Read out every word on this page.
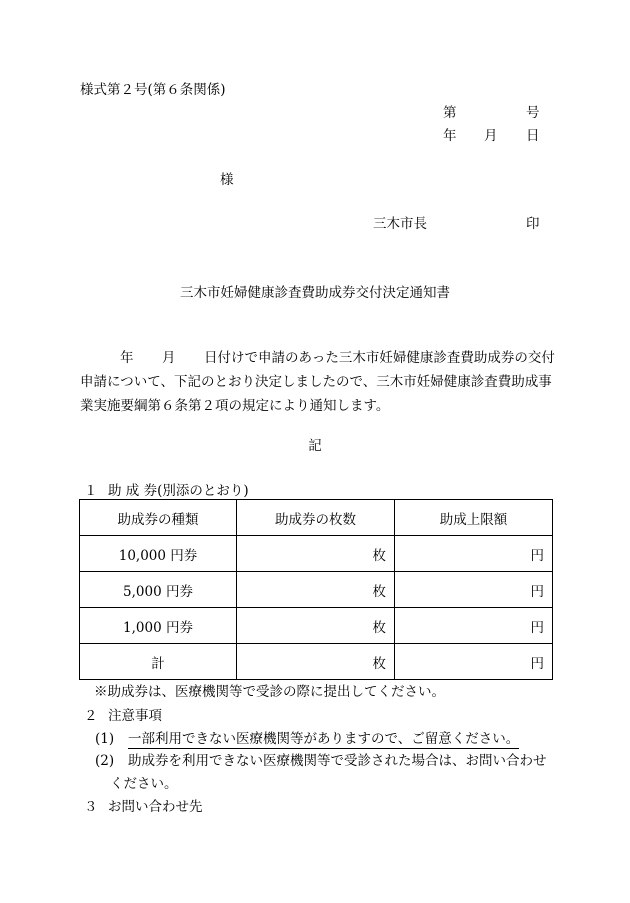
様式第２号(第６条関係)
第	号
年 月 日
様
三木市長	印
三木市妊婦健康診査費助成券交付決定通知書
年 月	日付けで申請のあった三木市妊婦健康診査費助成券の交付申請について、下記のとおり決定しましたので、三木市妊婦健康診査費助成事業実施要綱第６条第２項の規定により通知します。
記
１ 助 成 券(別添のとおり)
助成券の種類	助成券の枚数	助成上限額
10,000 円券	枚	円
5,000 円券	枚	円
1,000 円券	枚	円
計	枚	円
※助成券は、医療機関等で受診の際に提出してください。
２ 注意事項
(1) 一部利用できない医療機関等がありますので、ご留意ください。
(2) 助成券を利用できない医療機関等で受診された場合は、お問い合わせ
ください。
３ お問い合わせ先
